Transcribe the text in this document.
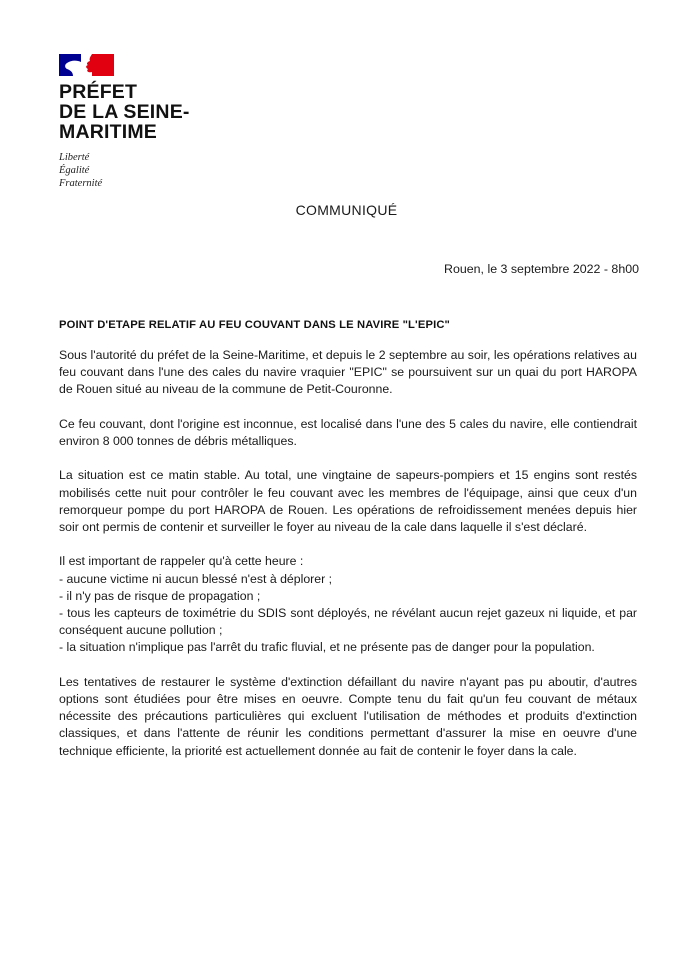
PRÉFET
DE LA SEINE-
MARITIME
Liberté
Égalité
Fraternité
COMMUNIQUÉ
Rouen, le 3 septembre 2022 - 8h00
POINT D'ETAPE RELATIF AU FEU COUVANT DANS LE NAVIRE "L'EPIC"

Sous l'autorité du préfet de la Seine-Maritime, et depuis le 2 septembre au soir, les opérations relatives au feu couvant dans l'une des cales du navire vraquier "EPIC" se poursuivent sur un quai du port HAROPA de Rouen situé au niveau de la commune de Petit-Couronne.

Ce feu couvant, dont l'origine est inconnue, est localisé dans l'une des 5 cales du navire, elle contiendrait environ 8 000 tonnes de débris métalliques.

La situation est ce matin stable. Au total, une vingtaine de sapeurs-pompiers et 15 engins sont restés mobilisés cette nuit pour contrôler le feu couvant avec les membres de l'équipage, ainsi que ceux d'un remorqueur pompe du port HAROPA de Rouen. Les opérations de refroidissement menées depuis hier soir ont permis de contenir et surveiller le foyer au niveau de la cale dans laquelle il s'est déclaré.

Il est important de rappeler qu'à cette heure :

- aucune victime ni aucun blessé n'est à déplorer ;
- il n'y pas de risque de propagation ;
- tous les capteurs de toximétrie du SDIS sont déployés, ne révélant aucun rejet gazeux ni liquide, et par conséquent aucune pollution ;
- la situation n'implique pas l'arrêt du trafic fluvial, et ne présente pas de danger pour la population.

Les tentatives de restaurer le système d'extinction défaillant du navire n'ayant pas pu aboutir, d'autres options sont étudiées pour être mises en oeuvre. Compte tenu du fait qu'un feu couvant de métaux nécessite des précautions particulières qui excluent l'utilisation de méthodes et produits d'extinction classiques, et dans l'attente de réunir les conditions permettant d'assurer la mise en oeuvre d'une technique efficiente, la priorité est actuellement donnée au fait de contenir le foyer dans la cale.
